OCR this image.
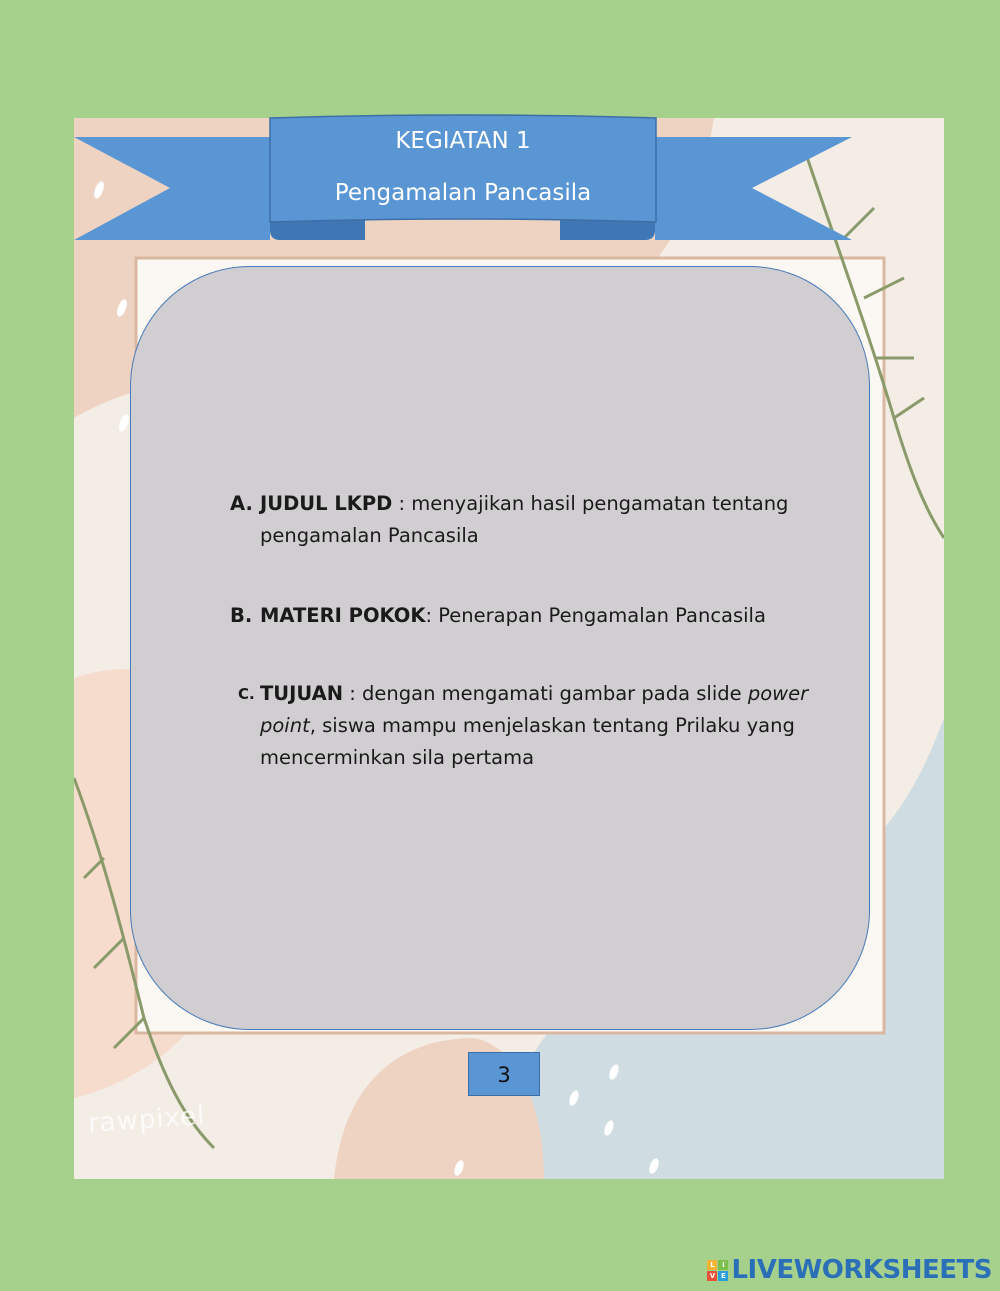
KEGIATAN 1
Pengamalan Pancasila
A. JUDUL LKPD : menyajikan hasil pengamatan tentang pengamalan Pancasila
B. MATERI POKOK: Penerapan Pengamalan Pancasila
C. TUJUAN : dengan mengamati gambar pada slide power point, siswa mampu menjelaskan tentang Prilaku yang mencerminkan sila pertama
3
rawpixel
L	I
V E LIVEWORKSHEETS
